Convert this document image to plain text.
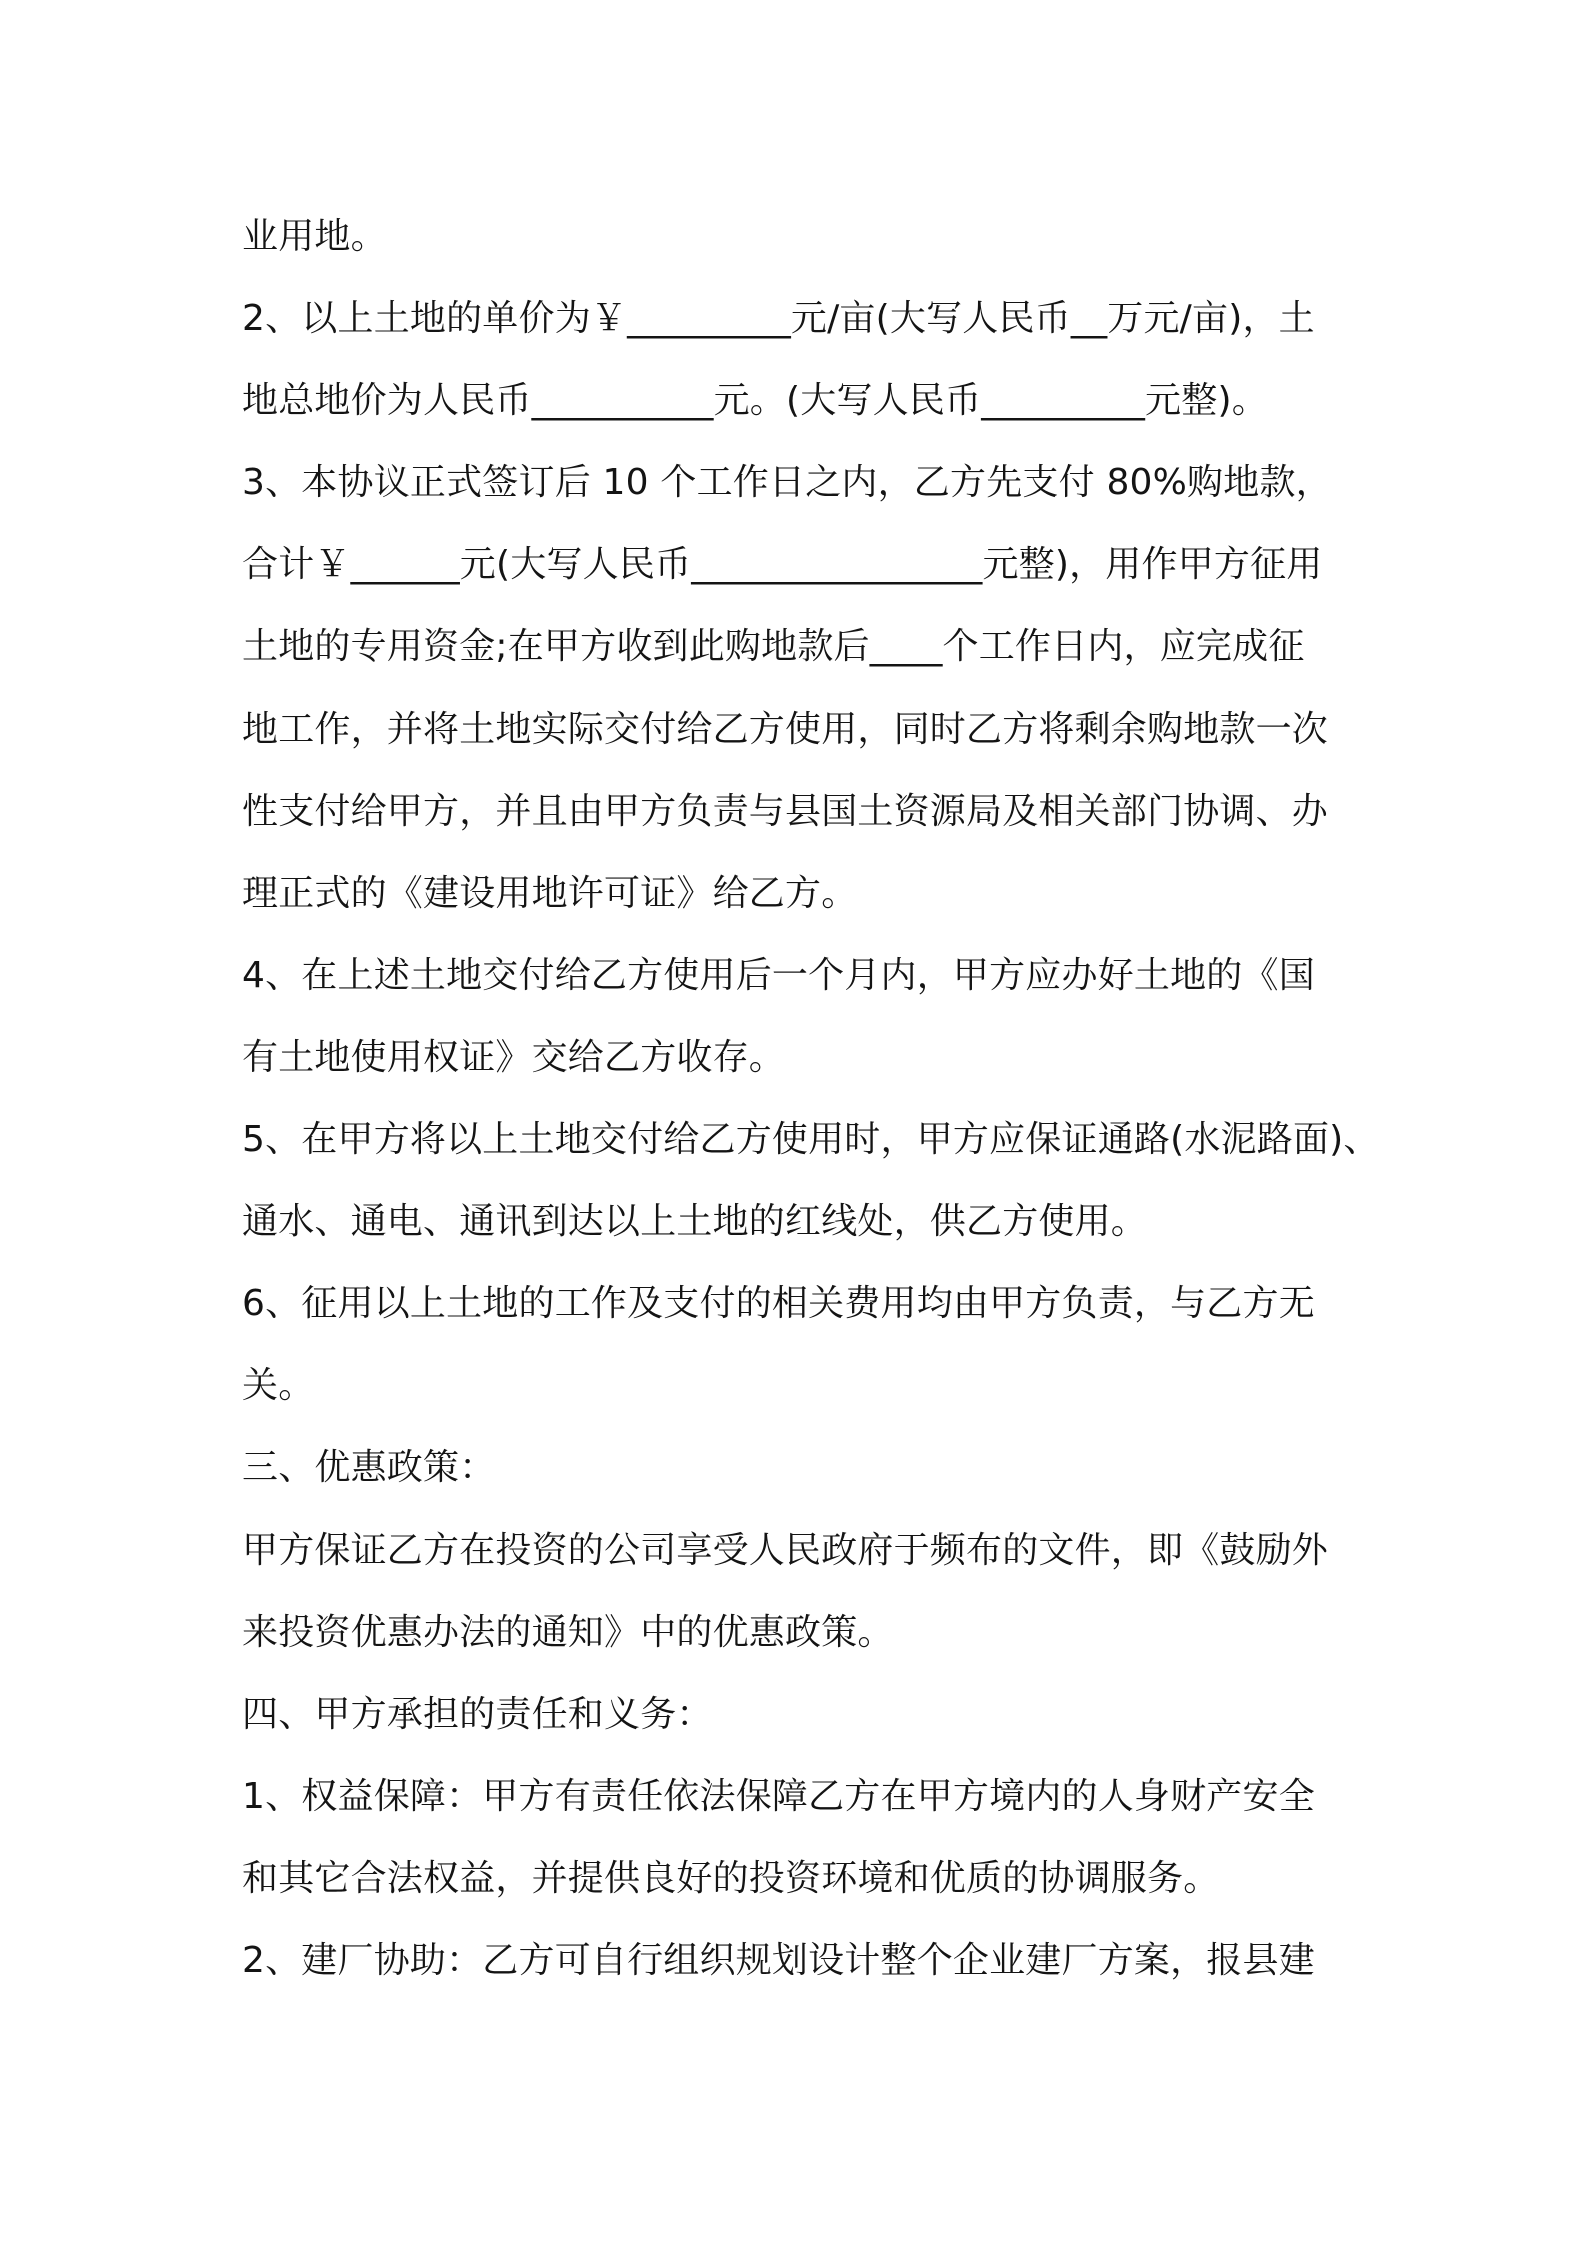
业用地。
2、以上土地的单价为￥_________元/亩(大写人民币__万元/亩)，土
地总地价为人民币__________元。(大写人民币_________元整)。
3、本协议正式签订后 10 个工作日之内，乙方先支付 80%购地款，
合计￥______元(大写人民币________________元整)，用作甲方征用
土地的专用资金;在甲方收到此购地款后____个工作日内，应完成征
地工作，并将土地实际交付给乙方使用，同时乙方将剩余购地款一次
性支付给甲方，并且由甲方负责与县国土资源局及相关部门协调、办
理正式的《建设用地许可证》给乙方。
4、在上述土地交付给乙方使用后一个月内，甲方应办好土地的《国
有土地使用权证》交给乙方收存。
5、在甲方将以上土地交付给乙方使用时，甲方应保证通路(水泥路面)、
通水、通电、通讯到达以上土地的红线处，供乙方使用。
6、征用以上土地的工作及支付的相关费用均由甲方负责，与乙方无
关。
三、优惠政策：
甲方保证乙方在投资的公司享受人民政府于频布的文件，即《鼓励外
来投资优惠办法的通知》中的优惠政策。
四、甲方承担的责任和义务：
1、权益保障：甲方有责任依法保障乙方在甲方境内的人身财产安全
和其它合法权益，并提供良好的投资环境和优质的协调服务。
2、建厂协助：乙方可自行组织规划设计整个企业建厂方案，报县建
